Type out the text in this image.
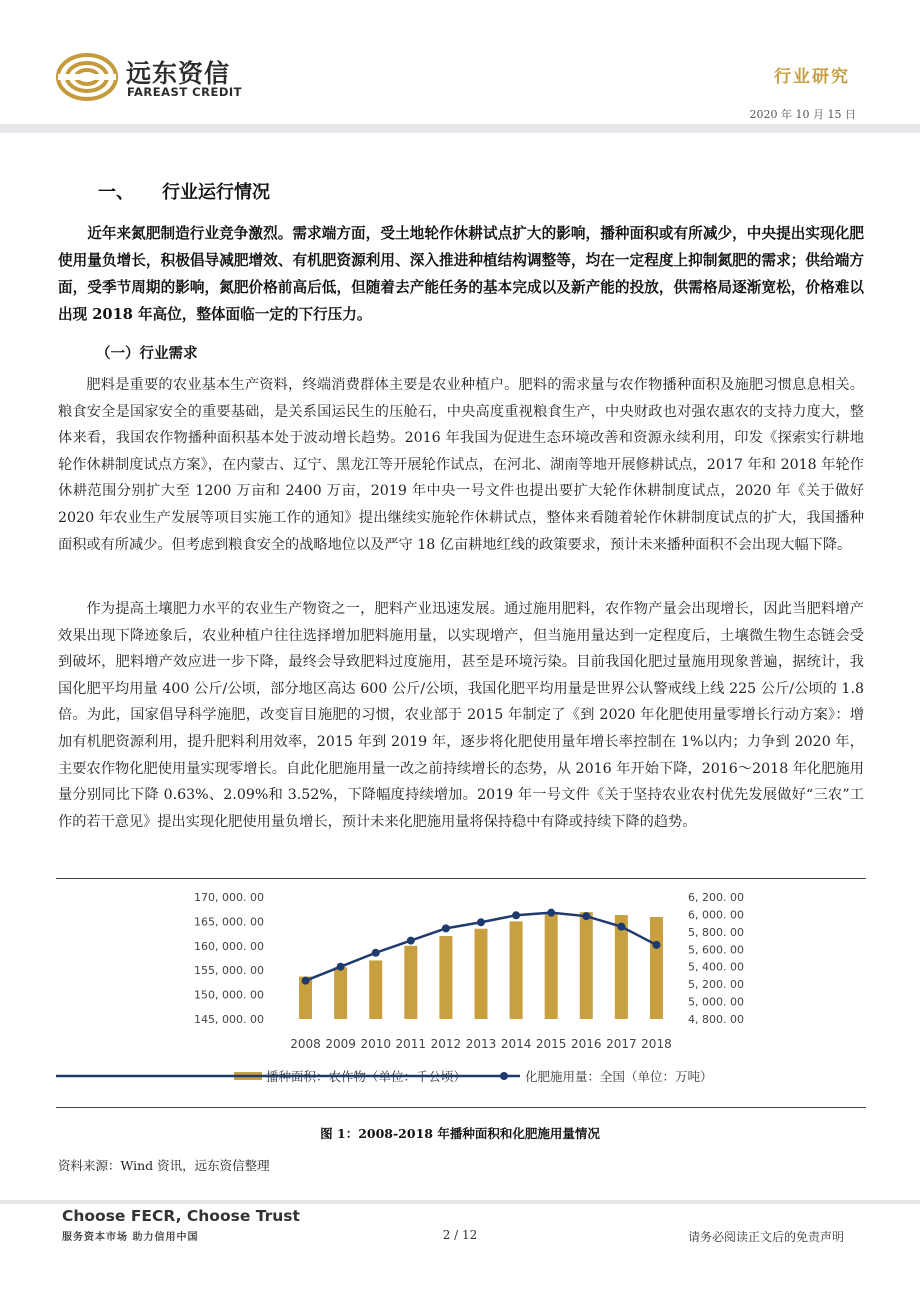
远东资信
FAREAST CREDIT
行业研究
2020 年 10 月 15 日
一、 行业运行情况
近年来氮肥制造行业竞争激烈。需求端方面，受土地轮作休耕试点扩大的影响，播种面积或有所减少，中央提出实现化肥使用量负增长，积极倡导减肥增效、有机肥资源利用、深入推进种植结构调整等，均在一定程度上抑制氮肥的需求；供给端方面，受季节周期的影响，氮肥价格前高后低，但随着去产能任务的基本完成以及新产能的投放，供需格局逐渐宽松，价格难以出现 2018 年高位，整体面临一定的下行压力。
（一）行业需求
肥料是重要的农业基本生产资料，终端消费群体主要是农业种植户。肥料的需求量与农作物播种面积及施肥习惯息息相关。粮食安全是国家安全的重要基础，是关系国运民生的压舱石，中央高度重视粮食生产，中央财政也对强农惠农的支持力度大，整体来看，我国农作物播种面积基本处于波动增长趋势。2016 年我国为促进生态环境改善和资源永续利用，印发《探索实行耕地轮作休耕制度试点方案》，在内蒙古、辽宁、黑龙江等开展轮作试点，在河北、湖南等地开展修耕试点，2017 年和 2018 年轮作休耕范围分别扩大至 1200 万亩和 2400 万亩，2019 年中央一号文件也提出要扩大轮作休耕制度试点，2020 年《关于做好 2020 年农业生产发展等项目实施工作的通知》提出继续实施轮作休耕试点，整体来看随着轮作休耕制度试点的扩大，我国播种面积或有所减少。但考虑到粮食安全的战略地位以及严守 18 亿亩耕地红线的政策要求，预计未来播种面积不会出现大幅下降。
作为提高土壤肥力水平的农业生产物资之一，肥料产业迅速发展。通过施用肥料，农作物产量会出现增长，因此当肥料增产效果出现下降迹象后，农业种植户往往选择增加肥料施用量，以实现增产，但当施用量达到一定程度后，土壤微生物生态链会受到破坏，肥料增产效应进一步下降，最终会导致肥料过度施用，甚至是环境污染。目前我国化肥过量施用现象普遍，据统计，我国化肥平均用量 400 公斤/公顷，部分地区高达 600 公斤/公顷，我国化肥平均用量是世界公认警戒线上线 225 公斤/公顷的 1.8 倍。为此，国家倡导科学施肥，改变盲目施肥的习惯，农业部于 2015 年制定了《到 2020 年化肥使用量零增长行动方案》：增加有机肥资源利用，提升肥料利用效率，2015 年到 2019 年，逐步将化肥使用量年增长率控制在 1%以内；力争到 2020 年，主要农作物化肥使用量实现零增长。自此化肥施用量一改之前持续增长的态势，从 2016 年开始下降，2016～2018 年化肥施用量分别同比下降 0.63%、2.09%和 3.52%，下降幅度持续增加。2019 年一号文件《关于坚持农业农村优先发展做好“三农”工作的若干意见》提出实现化肥使用量负增长，预计未来化肥施用量将保持稳中有降或持续下降的趋势。
145, 000. 00
150, 000. 00
155, 000. 00
160, 000. 00
165, 000. 00
170, 000. 00
4, 800. 00
5, 000. 00
5, 200. 00
5, 400. 00
5, 600. 00
5, 800. 00
6, 000. 00
6, 200. 00
2008 2009 2010 2011 2012 2013 2014 2015 2016 2017 2018
播种面积：农作物（单位：千公顷）	化肥施用量：全国（单位：万吨）
图 1：2008-2018 年播种面积和化肥施用量情况
资料来源：Wind 资讯，远东资信整理
Choose FECR, Choose Trust
服务资本市场 助力信用中国	2 / 12	请务必阅读正文后的免责声明
